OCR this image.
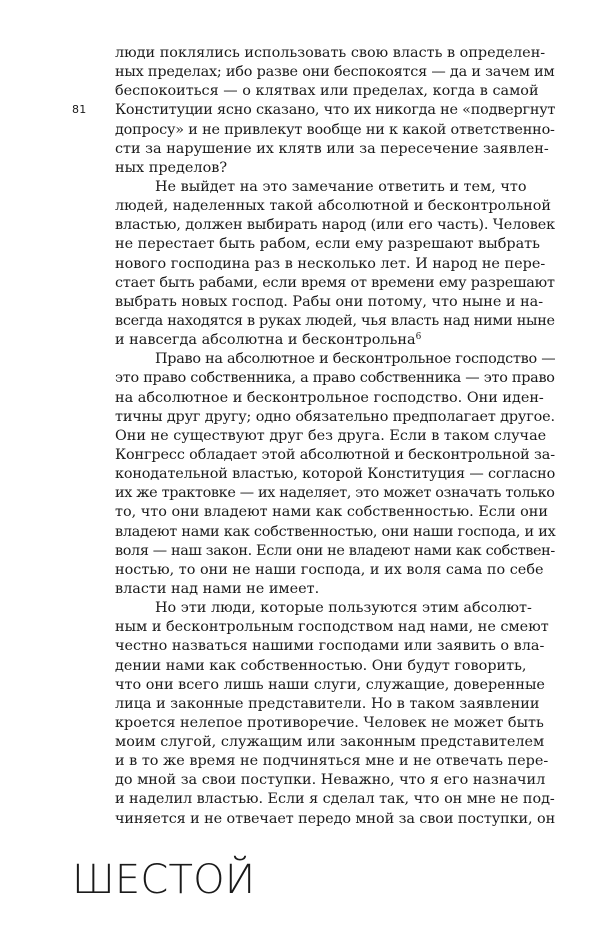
81
люди поклялись использовать свою власть в определен-
ных пределах; ибо разве они беспокоятся — да и зачем им
беспокоиться — о клятвах или пределах, когда в самой
Конституции ясно сказано, что их никогда не «подвергнут
допросу» и не привлекут вообще ни к какой ответственно-
сти за нарушение их клятв или за пересечение заявлен-
ных пределов?
Не выйдет на это замечание ответить и тем, что
людей, наделенных такой абсолютной и бесконтрольной
властью, должен выбирать народ (или его часть). Человек
не перестает быть рабом, если ему разрешают выбрать
нового господина раз в несколько лет. И народ не пере-
стает быть рабами, если время от времени ему разрешают
выбрать новых господ. Рабы они потому, что ныне и на-
всегда находятся в руках людей, чья власть над ними ныне
и навсегда абсолютна и бесконтрольна$^6$
Право на абсолютное и бесконтрольное господство —
это право собственника, а право собственника — это право
на абсолютное и бесконтрольное господство. Они иден-
тичны друг другу; одно обязательно предполагает другое.
Они не существуют друг без друга. Если в таком случае
Конгресс обладает этой абсолютной и бесконтрольной за-
конодательной властью, которой Конституция — согласно
их же трактовке — их наделяет, это может означать только
то, что они владеют нами как собственностью. Если они
владеют нами как собственностью, они наши господа, и их
воля — наш закон. Если они не владеют нами как собствен-
ностью, то они не наши господа, и их воля сама по себе
власти над нами не имеет.
Но эти люди, которые пользуются этим абсолют-
ным и бесконтрольным господством над нами, не смеют
честно назваться нашими господами или заявить о вла-
дении нами как собственностью. Они будут говорить,
что они всего лишь наши слуги, служащие, доверенные
лица и законные представители. Но в таком заявлении
кроется нелепое противоречие. Человек не может быть
моим слугой, служащим или законным представителем
и в то же время не подчиняться мне и не отвечать пере-
до мной за свои поступки. Неважно, что я его назначил
и наделил властью. Если я сделал так, что он мне не под-
чиняется и не отвечает передо мной за свои поступки, он
ШЕСТОЙ
